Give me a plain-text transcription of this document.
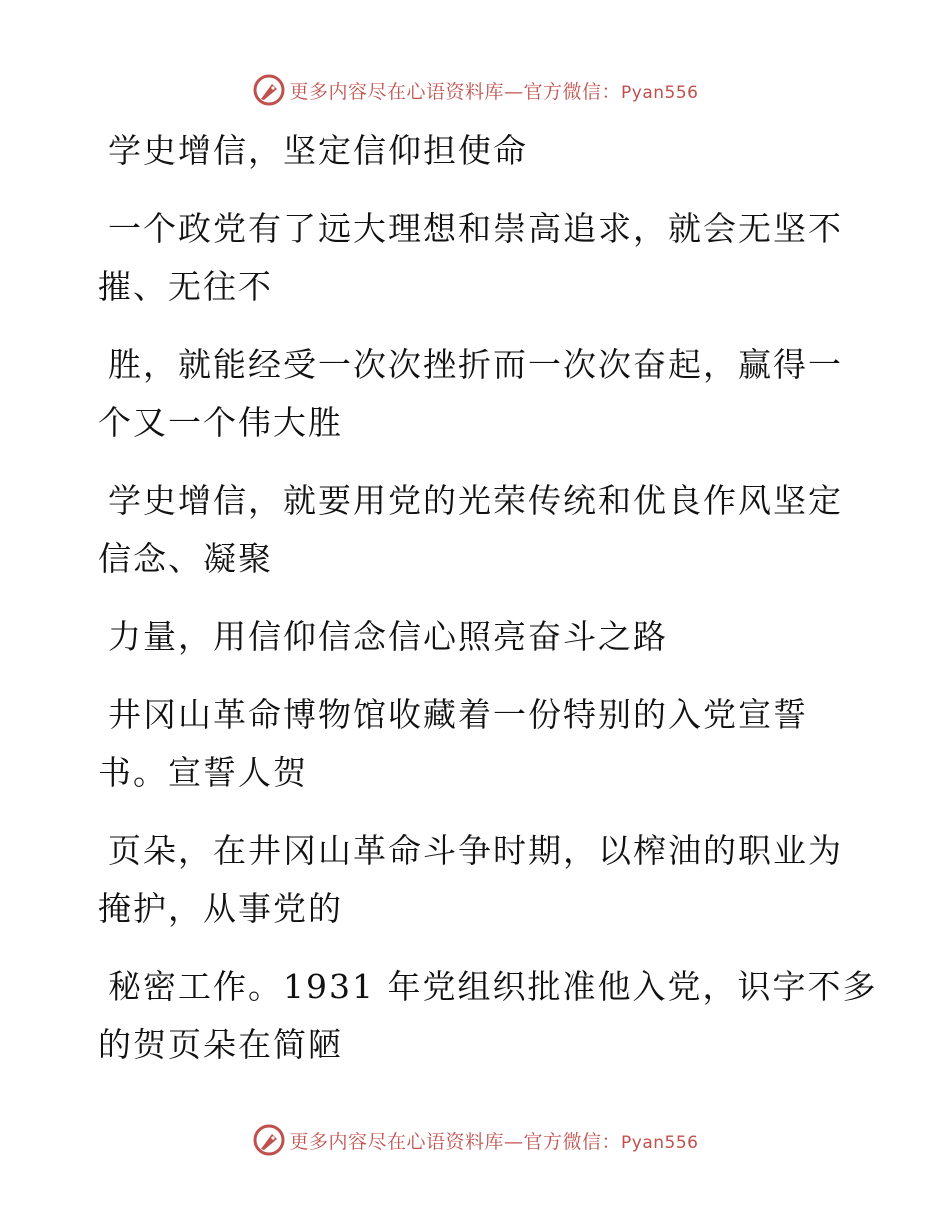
更多内容尽在心语资料库—官方微信：Pyan556

学史增信，坚定信仰担使命

一个政党有了远大理想和崇高追求，就会无坚不
摧、无往不

胜，就能经受一次次挫折而一次次奋起，赢得一
个又一个伟大胜

学史增信，就要用党的光荣传统和优良作风坚定
信念、凝聚

力量，用信仰信念信心照亮奋斗之路

井冈山革命博物馆收藏着一份特别的入党宣誓
书。宣誓人贺

页朵，在井冈山革命斗争时期，以榨油的职业为
掩护，从事党的

秘密工作。1931 年党组织批准他入党，识字不多
的贺页朵在简陋

更多内容尽在心语资料库—官方微信：Pyan556
